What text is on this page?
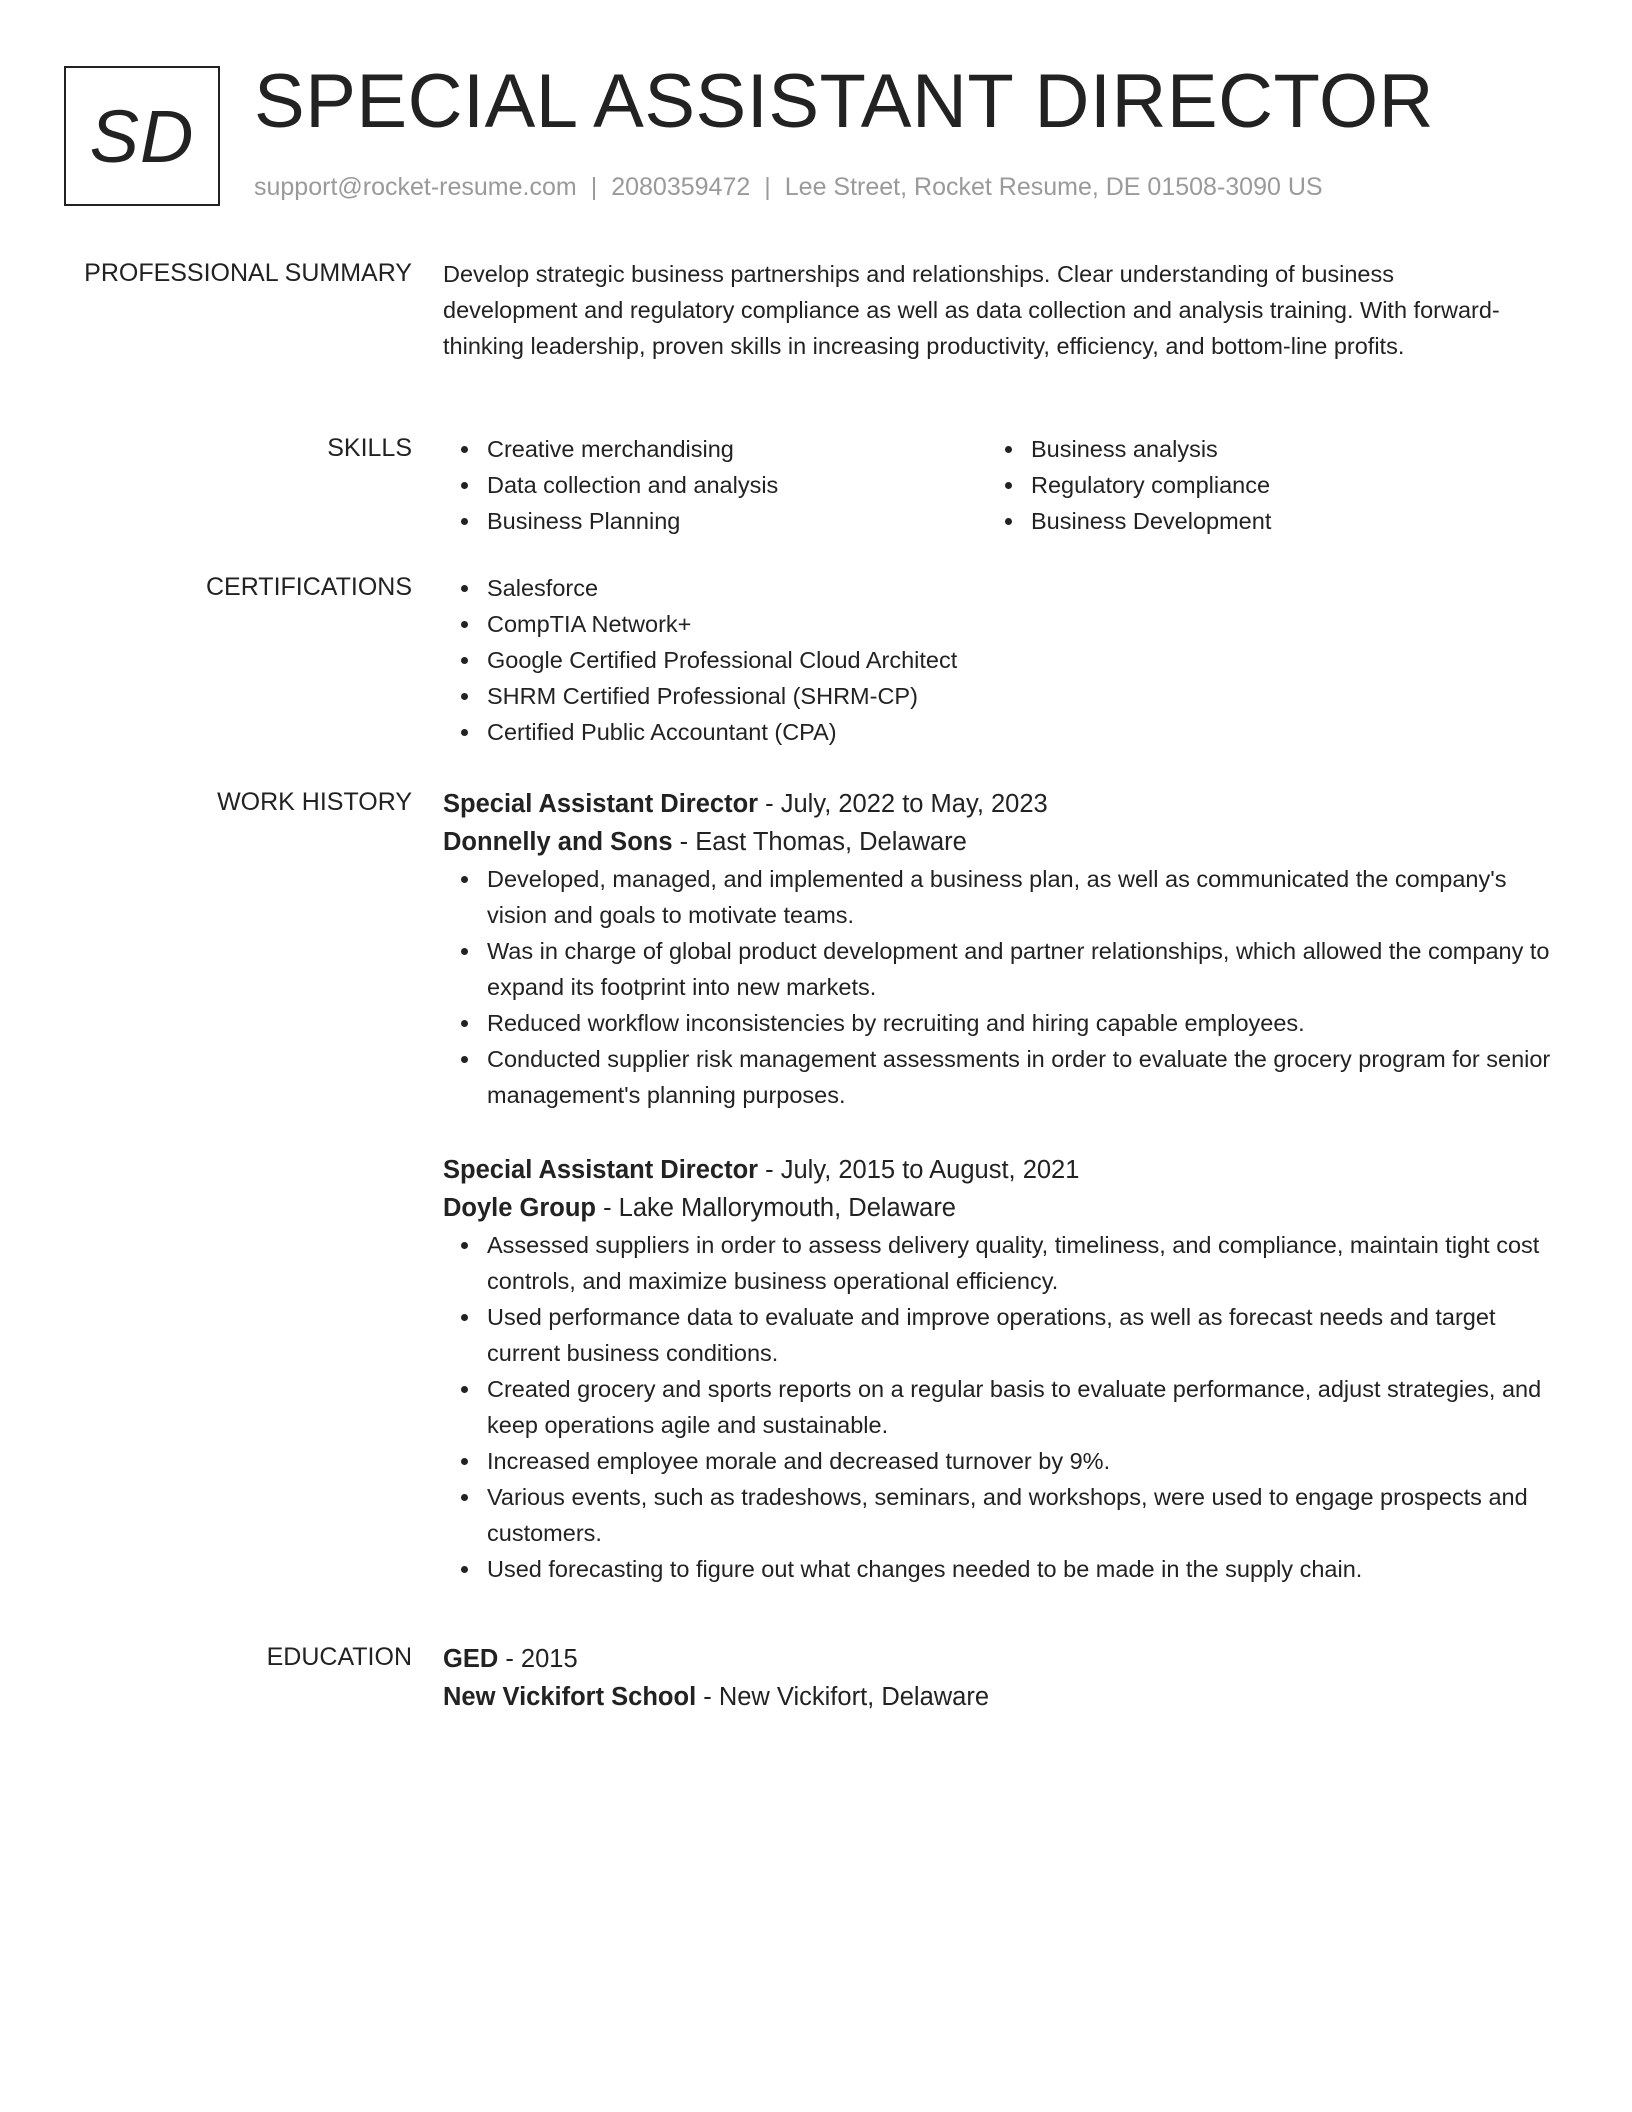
SD SPECIAL ASSISTANT DIRECTOR
support@rocket-resume.com | 2080359472 | Lee Street, Rocket Resume, DE 01508-3090 US
PROFESSIONAL SUMMARY Develop strategic business partnerships and relationships. Clear understanding of business development and regulatory compliance as well as data collection and analysis training. With forward-thinking leadership, proven skills in increasing productivity, efficiency, and bottom-line profits.

SKILLS	Creative merchandising
Data collection and analysis
Business Planning
Business analysis
Regulatory compliance
Business Development
CERTIFICATIONS	Salesforce
CompTIA Network+
Google Certified Professional Cloud Architect
SHRM Certified Professional (SHRM-CP)
Certified Public Accountant (CPA)
WORK HISTORY Special Assistant Director - July, 2022 to May, 2023
Donnelly and Sons - East Thomas, Delaware
Developed, managed, and implemented a business plan, as well as communicated the company's vision and goals to motivate teams.
Was in charge of global product development and partner relationships, which allowed the company to expand its footprint into new markets.
Reduced workflow inconsistencies by recruiting and hiring capable employees.
Conducted supplier risk management assessments in order to evaluate the grocery program for senior management's planning purposes.
Special Assistant Director - July, 2015 to August, 2021
Doyle Group - Lake Mallorymouth, Delaware
Assessed suppliers in order to assess delivery quality, timeliness, and compliance, maintain tight cost controls, and maximize business operational efficiency.
Used performance data to evaluate and improve operations, as well as forecast needs and target current business conditions.
Created grocery and sports reports on a regular basis to evaluate performance, adjust strategies, and keep operations agile and sustainable.
Increased employee morale and decreased turnover by 9%.
Various events, such as tradeshows, seminars, and workshops, were used to engage prospects and customers.
Used forecasting to figure out what changes needed to be made in the supply chain.
EDUCATION GED - 2015
New Vickifort School - New Vickifort, Delaware
